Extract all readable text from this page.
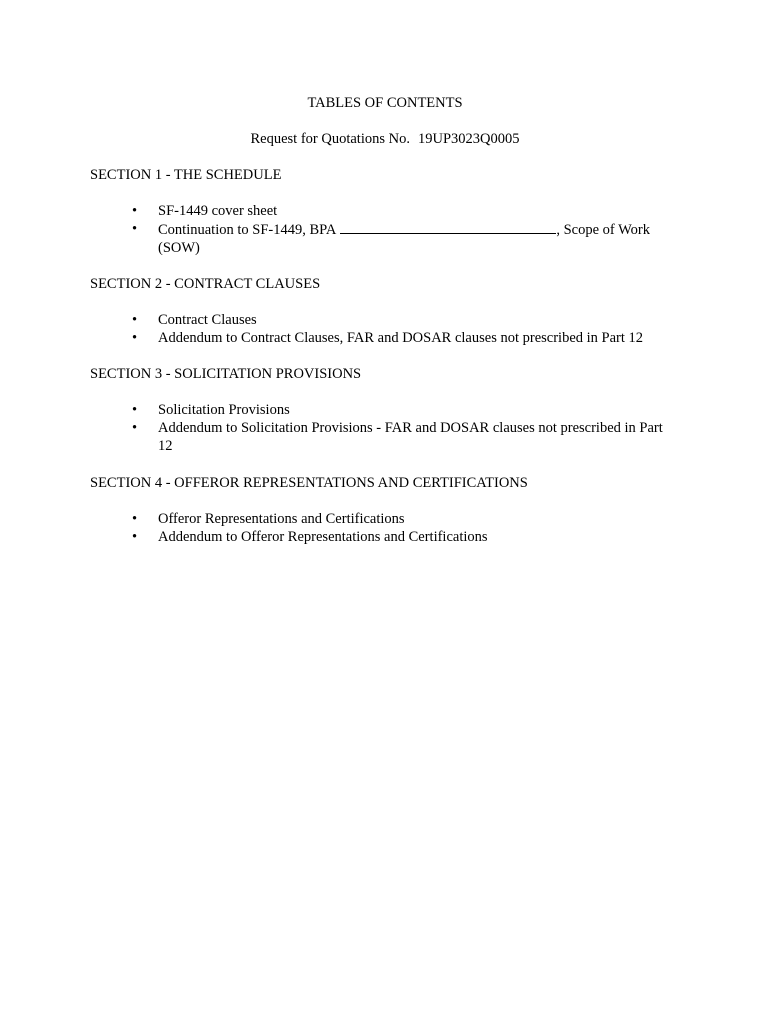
TABLES OF CONTENTS
Request for Quotations No. 19UP3023Q0005
SECTION 1 - THE SCHEDULE
• SF-1449 cover sheet
• Continuation to SF-1449, BPA	, Scope of Work (SOW)
SECTION 2 - CONTRACT CLAUSES
• Contract Clauses
• Addendum to Contract Clauses, FAR and DOSAR clauses not prescribed in Part 12
SECTION 3 - SOLICITATION PROVISIONS
• Solicitation Provisions
• Addendum to Solicitation Provisions - FAR and DOSAR clauses not prescribed in Part 12
SECTION 4 - OFFEROR REPRESENTATIONS AND CERTIFICATIONS
• Offeror Representations and Certifications
• Addendum to Offeror Representations and Certifications
